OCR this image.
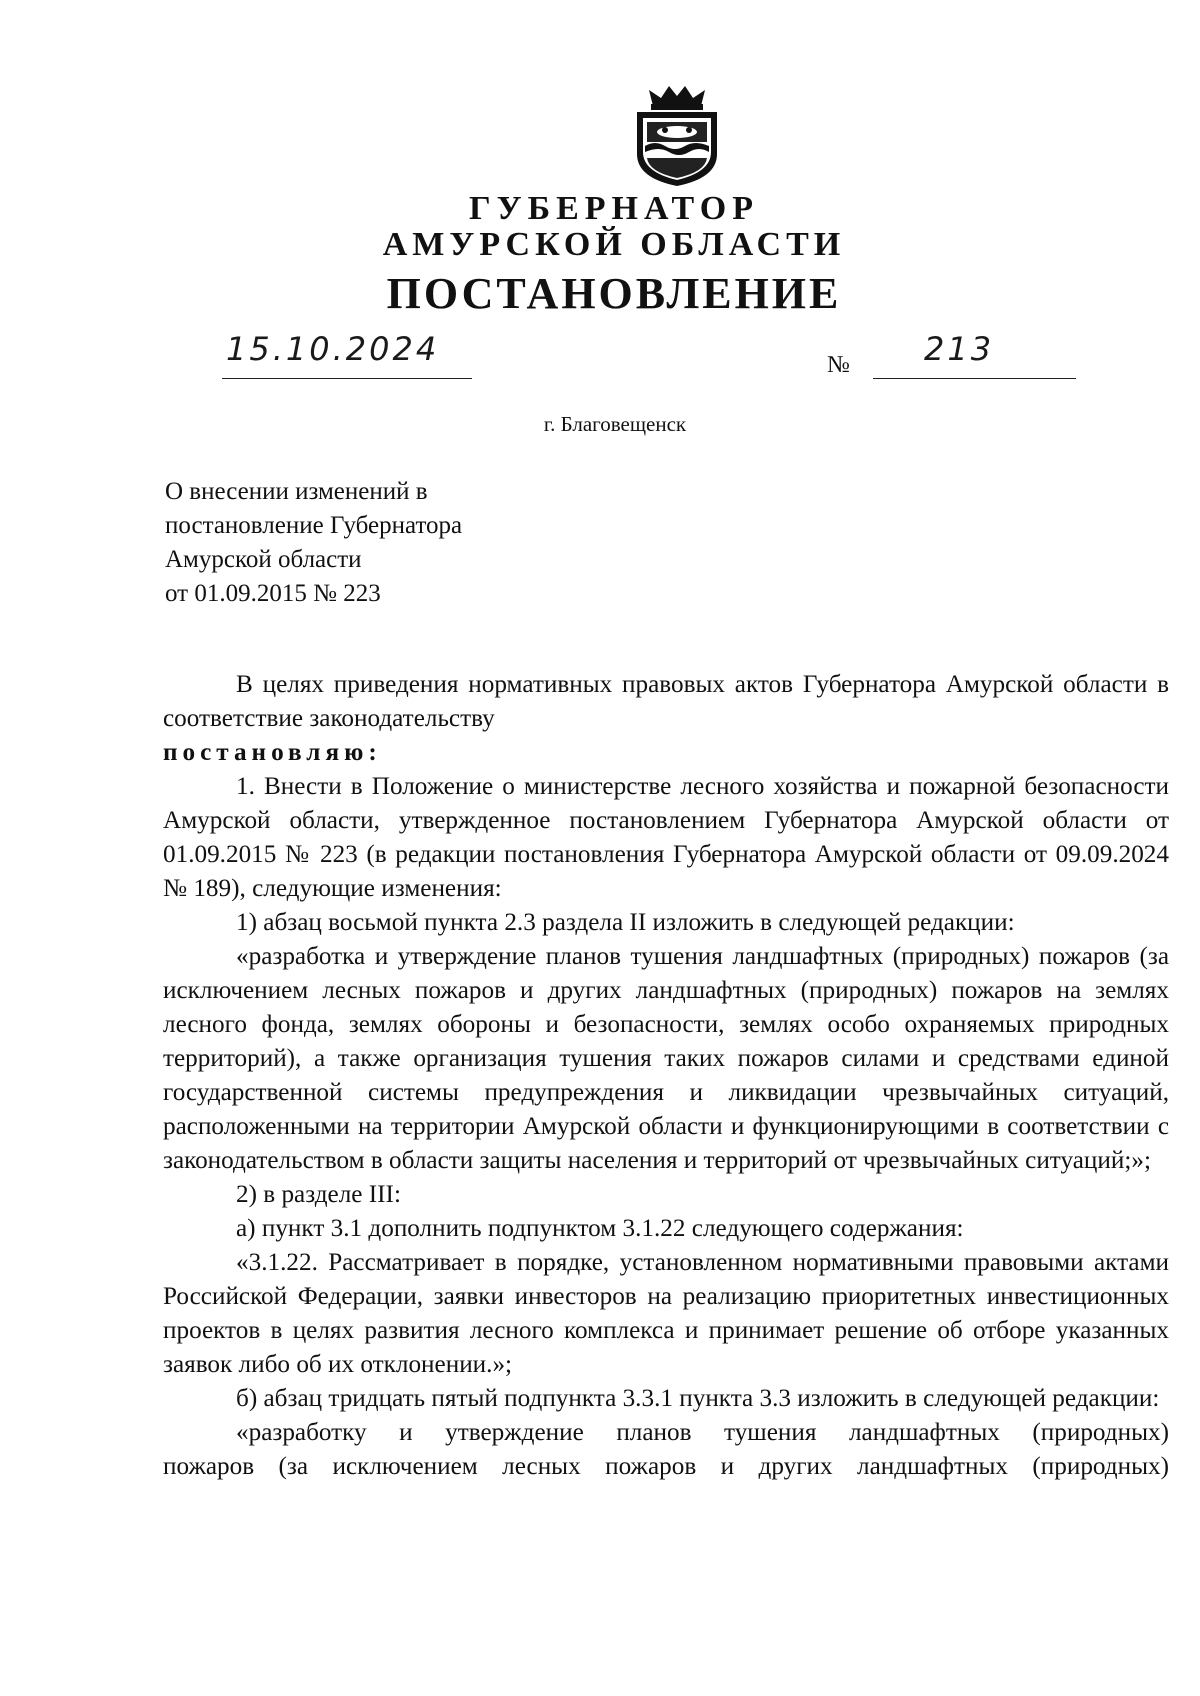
ГУБЕРНАТОР
АМУРСКОЙ ОБЛАСТИ
ПОСТАНОВЛЕНИЕ
15.10.2024	№ 213
г. Благовещенск
О внесении изменений в
постановление Губернатора
Амурской области
от 01.09.2015 № 223
В целях приведения нормативных правовых актов Губернатора Амурской области в соответствие законодательству
постановляю:
1. Внести в Положение о министерстве лесного хозяйства и пожарной безопасности Амурской области, утвержденное постановлением Губернатора Амурской области от 01.09.2015 № 223 (в редакции постановления Губернатора Амурской области от 09.09.2024 № 189), следующие изменения:
1) абзац восьмой пункта 2.3 раздела II изложить в следующей редакции:
«разработка и утверждение планов тушения ландшафтных (природных) пожаров (за исключением лесных пожаров и других ландшафтных (природных) пожаров на землях лесного фонда, землях обороны и безопасности, землях особо охраняемых природных территорий), а также организация тушения таких пожаров силами и средствами единой государственной системы предупреждения и ликвидации чрезвычайных ситуаций, расположенными на территории Амурской области и функционирующими в соответствии с законодательством в области защиты населения и территорий от чрезвычайных ситуаций;»;
2) в разделе III:
а) пункт 3.1 дополнить подпунктом 3.1.22 следующего содержания:
«3.1.22. Рассматривает в порядке, установленном нормативными правовыми актами Российской Федерации, заявки инвесторов на реализацию приоритетных инвестиционных проектов в целях развития лесного комплекса и принимает решение об отборе указанных заявок либо об их отклонении.»;
б) абзац тридцать пятый подпункта 3.3.1 пункта 3.3 изложить в следующей редакции:
«разработку и утверждение планов тушения ландшафтных (природных)
пожаров (за исключением лесных пожаров и других ландшафтных (природных)
